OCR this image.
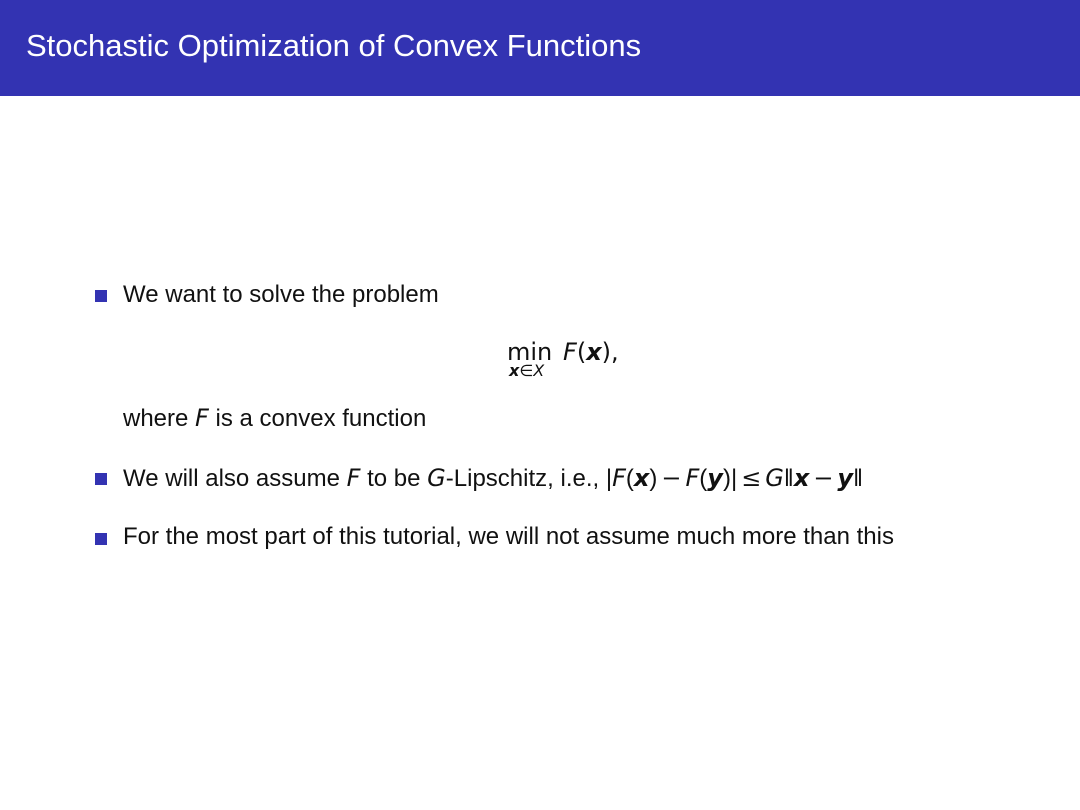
Stochastic Optimization of Convex Functions
We want to solve the problem
min
x∈X
F(x),
where F is a convex function
We will also assume F to be G-Lipschitz, i.e., |F(x) − F(y)| ≤ G‖x − y‖
For the most part of this tutorial, we will not assume much more than this
